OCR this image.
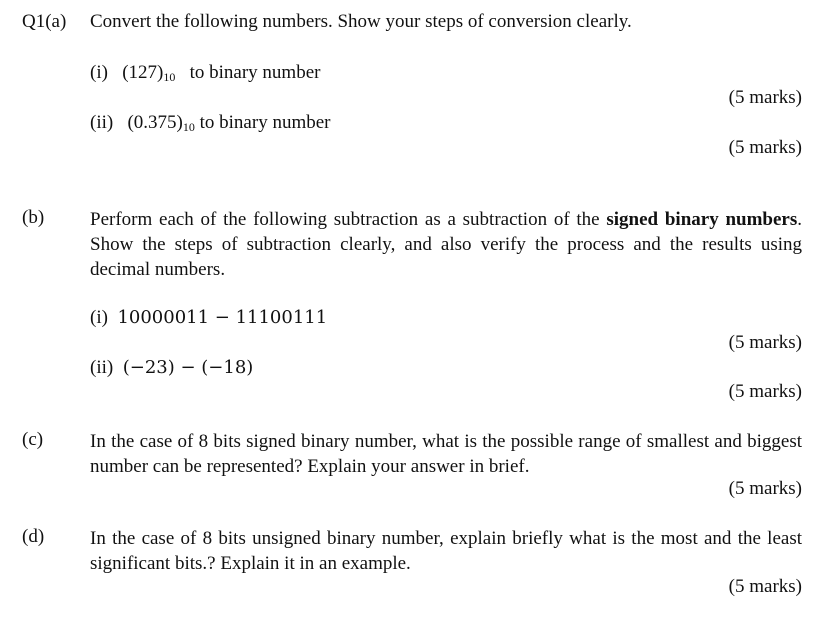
Q1(a) Convert the following numbers. Show your steps of conversion clearly.
(i) $(127)_{10}$ to binary number
(5 marks)
(ii) $(0.375)_{10}$ to binary number
(5 marks)
(b) Perform each of the following subtraction as a subtraction of the signed binary numbers. Show the steps of subtraction clearly, and also verify the process and the results using decimal numbers.
(i) 10000011 − 11100111
(5 marks)
(ii) (−23) − (−18)
(5 marks)
(c) In the case of 8 bits signed binary number, what is the possible range of smallest and biggest number can be represented? Explain your answer in brief.
(5 marks)
(d) In the case of 8 bits unsigned binary number, explain briefly what is the most and the least significant bits.? Explain it in an example.
(5 marks)
